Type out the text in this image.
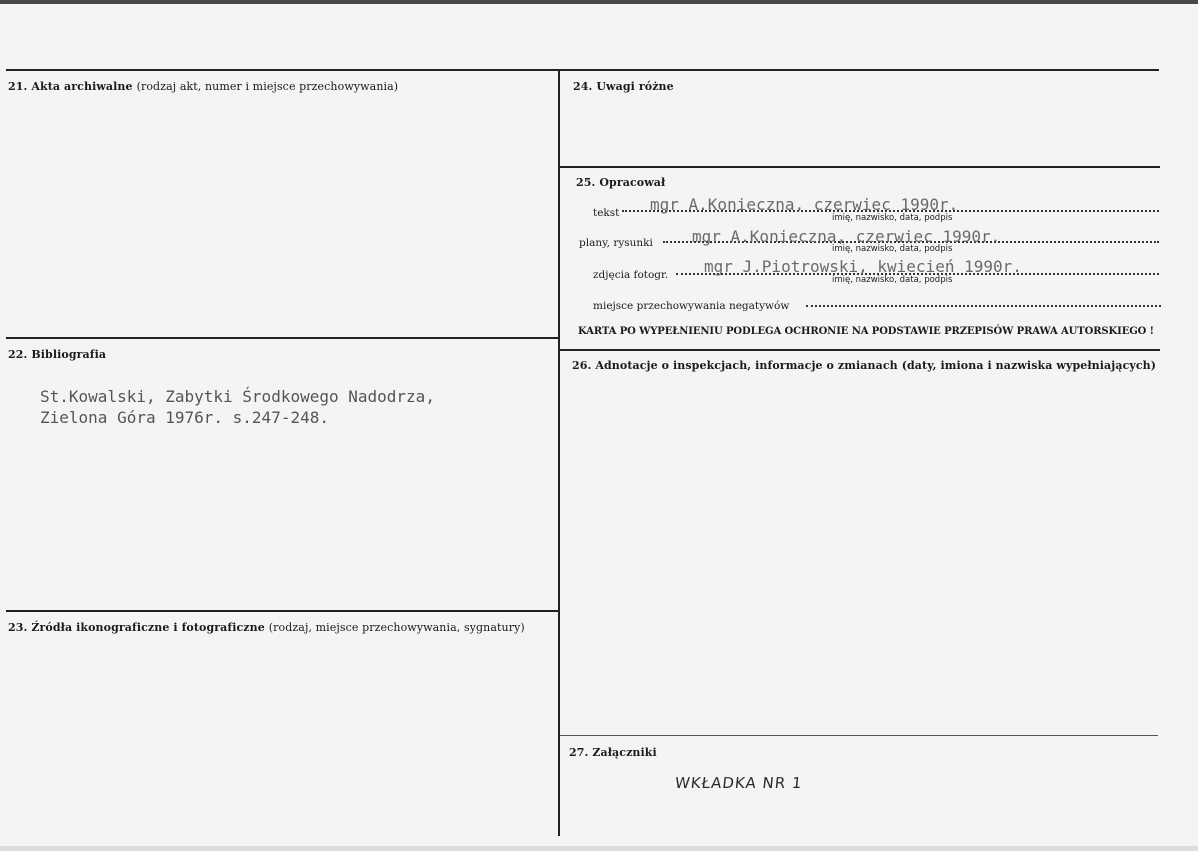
21. Akta archiwalne (rodzaj akt, numer i miejsce przechowywania)
22. Bibliografia
St.Kowalski, Zabytki Środkowego Nadodrza,
Zielona Góra 1976r. s.247-248.
23. Źródła ikonograficzne i fotograficzne (rodzaj, miejsce przechowywania, sygnatury)
24. Uwagi różne
25. Opracował
tekst mgr A.Konieczna, czerwiec 1990r.
imię, nazwisko, data, podpis
plany, rysunki mgr A.Konieczna, czerwiec 1990r.
imię, nazwisko, data, podpis
zdjęcia fotogr. mgr J.Piotrowski, kwiecień 1990r.
imię, nazwisko, data, podpis
miejsce przechowywania negatywów
KARTA PO WYPEŁNIENIU PODLEGA OCHRONIE NA PODSTAWIE PRZEPISÓW PRAWA AUTORSKIEGO !
26. Adnotacje o inspekcjach, informacje o zmianach (daty, imiona i nazwiska wypełniających)
27. Załączniki
WKŁADKA NR 1
